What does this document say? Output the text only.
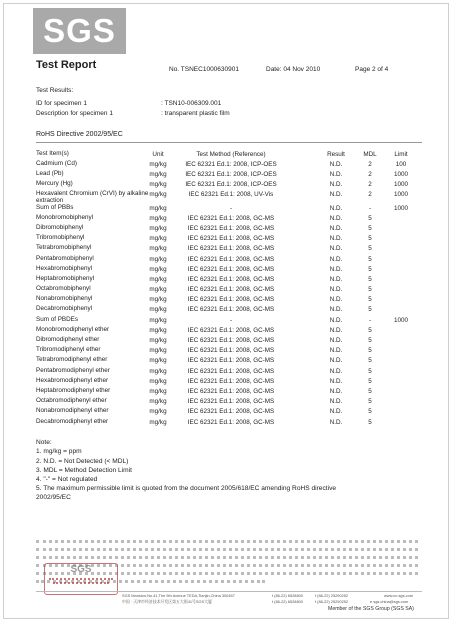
SGS
Test Report	No. TSNEC1000630901	Date: 04 Nov 2010	Page 2 of 4
Test Results:
ID for specimen 1	: TSN10-006309.001
Description for specimen 1	: transparent plastic film
RoHS Directive 2002/95/EC
Test Item(s)	Unit	Test Method (Reference)	Result	MDL	Limit
Cadmium (Cd)	mg/kg	IEC 62321 Ed.1: 2008, ICP-OES	N.D.	2	100
Lead (Pb)	mg/kg	IEC 62321 Ed.1: 2008, ICP-OES	N.D.	2	1000
Mercury (Hg)	mg/kg	IEC 62321 Ed.1: 2008, ICP-OES	N.D.	2	1000
Hexavalent Chromium (CrVI) by alkaline extraction
mg/kg	IEC 62321 Ed.1: 2008, UV-Vis	N.D.	2	1000
Sum of PBBs	mg/kg	-	N.D.	-	1000
Monobromobiphenyl	mg/kg	IEC 62321 Ed.1: 2008, GC-MS	N.D.	5
Dibromobiphenyl	mg/kg	IEC 62321 Ed.1: 2008, GC-MS	N.D.	5
Tribromobiphenyl	mg/kg	IEC 62321 Ed.1: 2008, GC-MS	N.D.	5
Tetrabromobiphenyl	mg/kg	IEC 62321 Ed.1: 2008, GC-MS	N.D.	5
Pentabromobiphenyl	mg/kg	IEC 62321 Ed.1: 2008, GC-MS	N.D.	5
Hexabromobiphenyl	mg/kg	IEC 62321 Ed.1: 2008, GC-MS	N.D.	5
Heptabromobiphenyl	mg/kg	IEC 62321 Ed.1: 2008, GC-MS	N.D.	5
Octabromobiphenyl	mg/kg	IEC 62321 Ed.1: 2008, GC-MS	N.D.	5
Nonabromobiphenyl	mg/kg	IEC 62321 Ed.1: 2008, GC-MS	N.D.	5
Decabromobiphenyl	mg/kg	IEC 62321 Ed.1: 2008, GC-MS	N.D.	5
Sum of PBDEs	mg/kg	-	N.D.	-	1000
Monobromodiphenyl ether	mg/kg	IEC 62321 Ed.1: 2008, GC-MS	N.D.	5
Dibromodiphenyl ether	mg/kg	IEC 62321 Ed.1: 2008, GC-MS	N.D.	5
Tribromodiphenyl ether	mg/kg	IEC 62321 Ed.1: 2008, GC-MS	N.D.	5
Tetrabromodiphenyl ether	mg/kg	IEC 62321 Ed.1: 2008, GC-MS	N.D.	5
Pentabromodiphenyl ether	mg/kg	IEC 62321 Ed.1: 2008, GC-MS	N.D.	5
Hexabromodiphenyl ether	mg/kg	IEC 62321 Ed.1: 2008, GC-MS	N.D.	5
Heptabromodiphenyl ether	mg/kg	IEC 62321 Ed.1: 2008, GC-MS	N.D.	5
Octabromodiphenyl ether	mg/kg	IEC 62321 Ed.1: 2008, GC-MS	N.D.	5
Nonabromodiphenyl ether	mg/kg	IEC 62321 Ed.1: 2008, GC-MS	N.D.	5
Decabromodiphenyl ether	mg/kg	IEC 62321 Ed.1: 2008, GC-MS	N.D.	5
Note:
1. mg/kg = ppm
2. N.D. = Not Detected (< MDL)
3. MDL = Method Detection Limit
4. "-" = Not regulated
5. The maximum permissible limit is quoted from the document 2005/618/EC amending RoHS directive
2002/95/EC
SGS
SGS Mansion,No.41,The 5th Avenue TEDA,Tianjin,China 300457
中国 · 天津市经济技术开发区第五大街41号SGS大厦
t (86-22) 6528800	f (86-22) 25290252
t (86-22) 6528800	f (86-22) 25290252
www.cn.sgs.com
e sgs.china@sgs.com
Member of the SGS Group (SGS SA)
